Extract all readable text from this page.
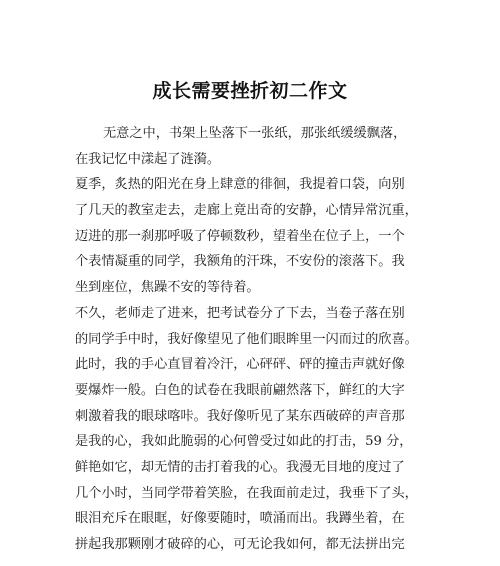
成长需要挫折初二作文
无意之中，书架上坠落下一张纸，那张纸缓缓飘落，
在我记忆中漾起了涟漪。
夏季，炙热的阳光在身上肆意的徘徊，我提着口袋，向别
了几天的教室走去，走廊上竟出奇的安静，心情异常沉重，
迈进的那一刹那呼吸了停顿数秒，望着坐在位子上，一个
个表情凝重的同学，我额角的汗珠，不安份的滚落下。我
坐到座位，焦躁不安的等待着。
不久，老师走了进来，把考试卷分了下去，当卷子落在别
的同学手中时，我好像望见了他们眼眸里一闪而过的欣喜。
此时，我的手心直冒着冷汗，心砰砰、砰的撞击声就好像
要爆炸一般。白色的试卷在我眼前翩然落下，鲜红的大字
刺激着我的眼球喀咔。我好像听见了某东西破碎的声音那
是我的心，我如此脆弱的心何曾受过如此的打击，59 分，
鲜艳如它，却无情的击打着我的心。我漫无目地的度过了
几个小时，当同学带着笑脸，在我面前走过，我垂下了头，
眼泪充斥在眼眶，好像要随时，喷涌而出。我蹲坐着，在
拼起我那颗刚才破碎的心，可无论我如何，都无法拼出完
